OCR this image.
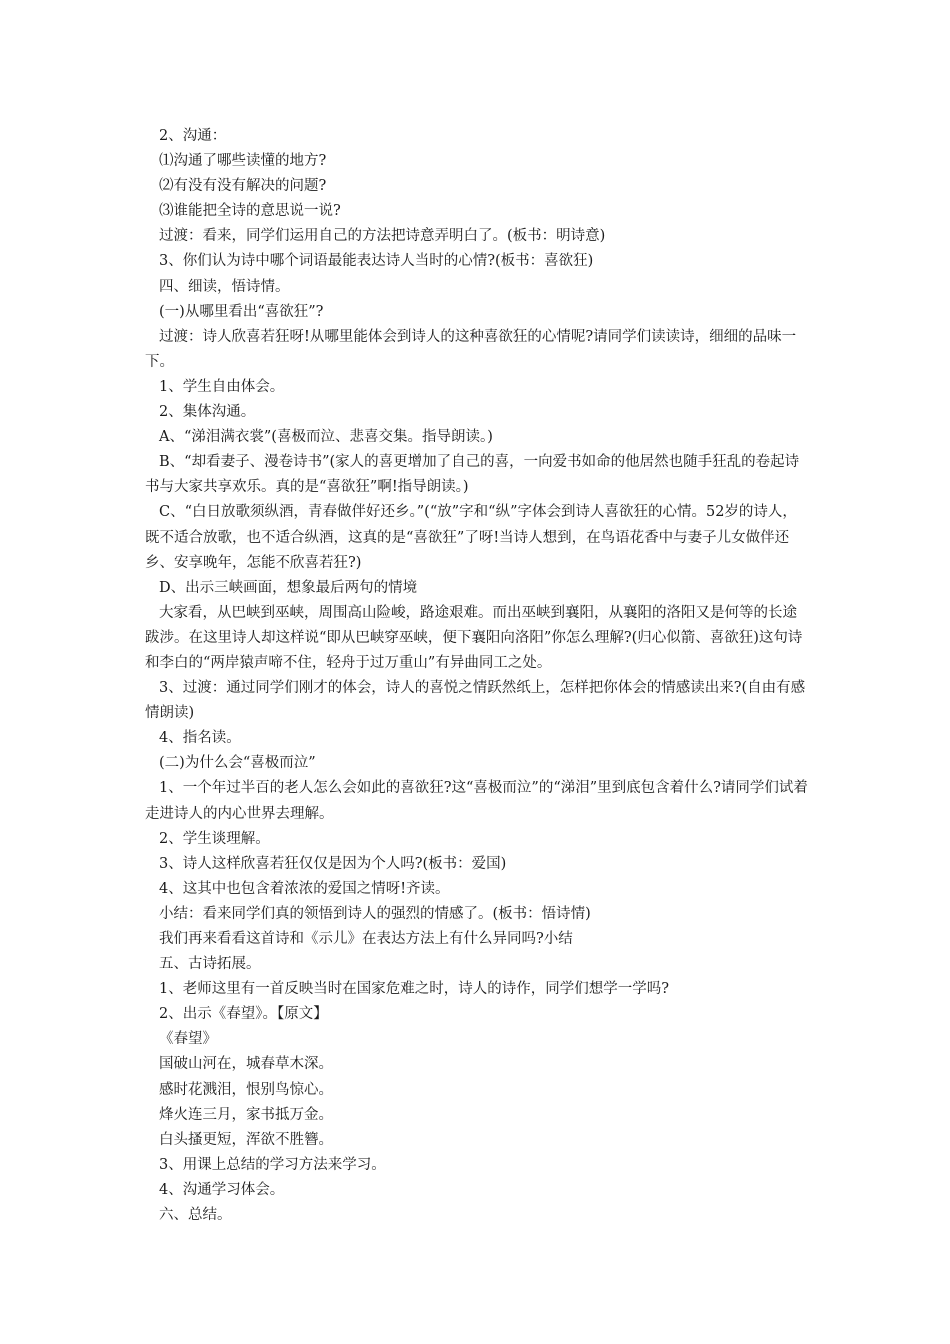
2、沟通：

⑴沟通了哪些读懂的地方?

⑵有没有没有解决的问题?

⑶谁能把全诗的意思说一说?

过渡：看来，同学们运用自己的方法把诗意弄明白了。(板书：明诗意)

3、你们认为诗中哪个词语最能表达诗人当时的心情?(板书：喜欲狂)

四、细读，悟诗情。

(一)从哪里看出“喜欲狂”?

过渡：诗人欣喜若狂呀!从哪里能体会到诗人的这种喜欲狂的心情呢?请同学们读读诗，细细的品味一下。

1、学生自由体会。

2、集体沟通。

A、“涕泪满衣裳”(喜极而泣、悲喜交集。指导朗读。)

B、“却看妻子、漫卷诗书”(家人的喜更增加了自己的喜，一向爱书如命的他居然也随手狂乱的卷起诗书与大家共享欢乐。真的是“喜欲狂”啊!指导朗读。)

C、“白日放歌须纵酒，青春做伴好还乡。”(“放”字和“纵”字体会到诗人喜欲狂的心情。52岁的诗人，既不适合放歌，也不适合纵酒，这真的是“喜欲狂”了呀!当诗人想到，在鸟语花香中与妻子儿女做伴还乡、安享晚年，怎能不欣喜若狂?)

D、出示三峡画面，想象最后两句的情境

大家看，从巴峡到巫峡，周围高山险峻，路途艰难。而出巫峡到襄阳，从襄阳的洛阳又是何等的长途跋涉。在这里诗人却这样说“即从巴峡穿巫峡，便下襄阳向洛阳”你怎么理解?(归心似箭、喜欲狂)这句诗和李白的“两岸猿声啼不住，轻舟于过万重山”有异曲同工之处。

3、过渡：通过同学们刚才的体会，诗人的喜悦之情跃然纸上，怎样把你体会的情感读出来?(自由有感情朗读)

4、指名读。

(二)为什么会“喜极而泣”

1、一个年过半百的老人怎么会如此的喜欲狂?这“喜极而泣”的“涕泪”里到底包含着什么?请同学们试着走进诗人的内心世界去理解。

2、学生谈理解。

3、诗人这样欣喜若狂仅仅是因为个人吗?(板书：爱国)

4、这其中也包含着浓浓的爱国之情呀!齐读。

小结：看来同学们真的领悟到诗人的强烈的情感了。(板书：悟诗情)

我们再来看看这首诗和《示儿》在表达方法上有什么异同吗?小结

五、古诗拓展。

1、老师这里有一首反映当时在国家危难之时，诗人的诗作，同学们想学一学吗?

2、出示《春望》。【原文】

《春望》

国破山河在，城春草木深。

感时花溅泪，恨别鸟惊心。

烽火连三月，家书抵万金。

白头搔更短，浑欲不胜簪。

3、用课上总结的学习方法来学习。

4、沟通学习体会。

六、总结。
